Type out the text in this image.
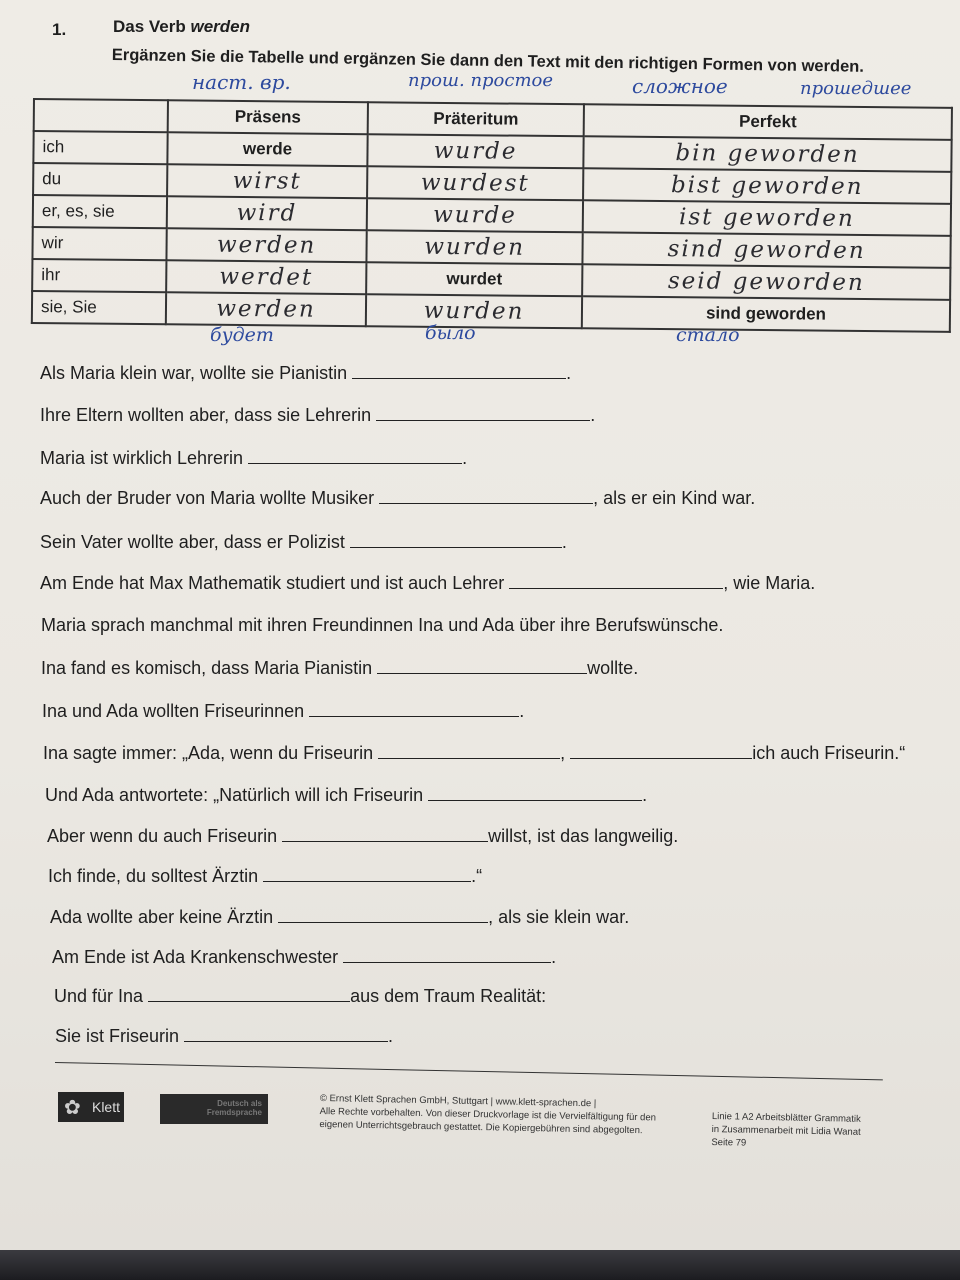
1.	Das Verb werden
Ergänzen Sie die Tabelle und ergänzen Sie dann den Text mit den richtigen Formen von werden.
наст. вр.	прош. простое	сложное	прошедшее
	Präsens	Präteritum	Perfekt
ich	werde	wurde	bin geworden
du	wirst	wurdest	bist geworden
er, es, sie	wird	wurde	ist geworden
wir	werden	wurden	sind geworden
ihr	werdet	wurdet	seid geworden
sie, Sie	werden	wurden	sind geworden
будет	было	стало
Als Maria klein war, wollte sie Pianistin	.
Ihre Eltern wollten aber, dass sie Lehrerin	.
Maria ist wirklich Lehrerin	.
Auch der Bruder von Maria wollte Musiker	, als er ein Kind war.
Sein Vater wollte aber, dass er Polizist	.
Am Ende hat Max Mathematik studiert und ist auch Lehrer	, wie Maria.
Maria sprach manchmal mit ihren Freundinnen Ina und Ada über ihre Berufswünsche.
Ina fand es komisch, dass Maria Pianistin	wollte.
Ina und Ada wollten Friseurinnen	.
Ina sagte immer: „Ada, wenn du Friseurin	,	ich auch Friseurin.“
Und Ada antwortete: „Natürlich will ich Friseurin	.
Aber wenn du auch Friseurin	willst, ist das langweilig.
Ich finde, du solltest Ärztin	.“
Ada wollte aber keine Ärztin	, als sie klein war.
Am Ende ist Ada Krankenschwester	.
Und für Ina	aus dem Traum Realität:
Sie ist Friseurin	.
✿ Klett	Deutsch als Fremdsprache
© Ernst Klett Sprachen GmbH, Stuttgart | www.klett-sprachen.de |
Alle Rechte vorbehalten. Von dieser Druckvorlage ist die Vervielfältigung für den
eigenen Unterrichtsgebrauch gestattet. Die Kopiergebühren sind abgegolten.
Linie 1 A2 Arbeitsblätter Grammatik
in Zusammenarbeit mit Lidia Wanat
Seite 79
